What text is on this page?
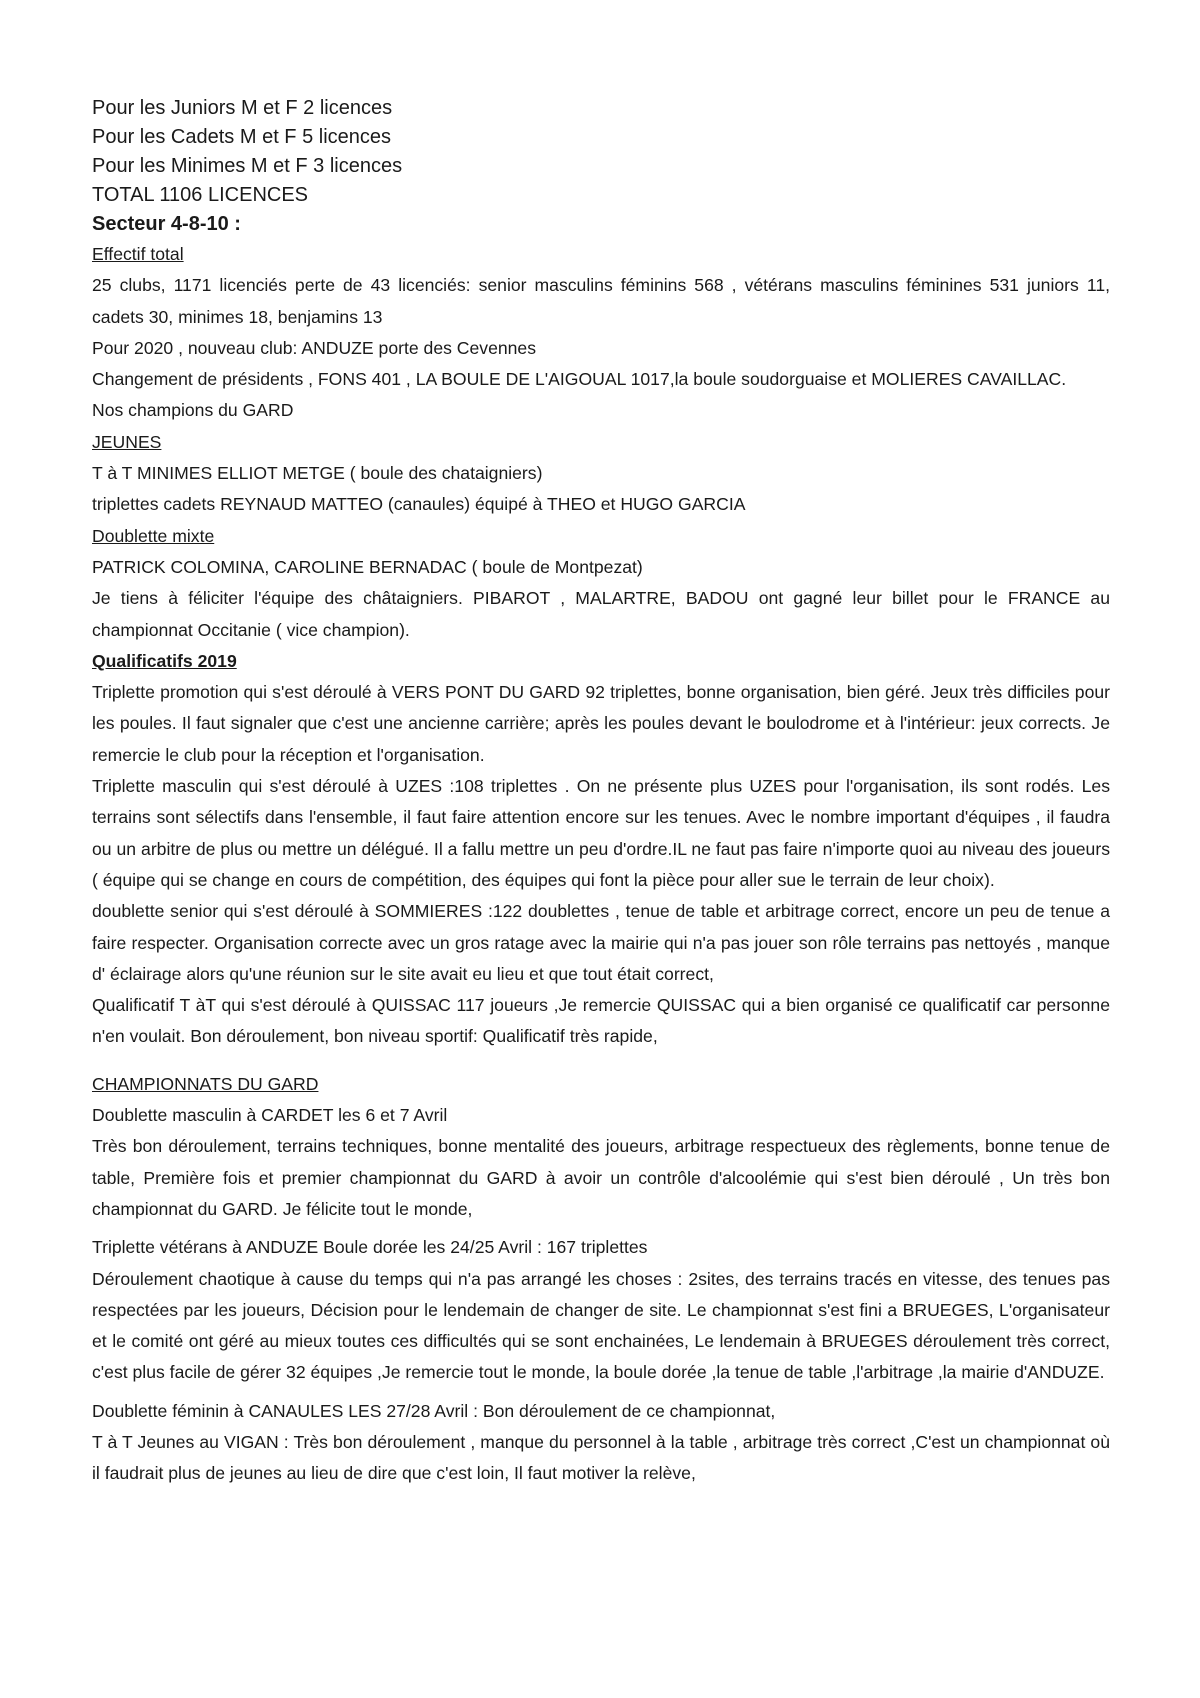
Pour les Juniors M et F 2 licences

Pour les Cadets M et F 5 licences

Pour les Minimes M et F 3 licences

TOTAL 1106 LICENCES

Secteur 4-8-10 :

Effectif total

25 clubs, 1171 licenciés perte de 43 licenciés: senior masculins féminins 568 , vétérans masculins féminines 531 juniors 11, cadets 30, minimes 18, benjamins 13

Pour 2020 , nouveau club: ANDUZE porte des Cevennes

Changement de présidents , FONS 401 , LA BOULE DE L'AIGOUAL 1017,la boule soudorguaise et MOLIERES CAVAILLAC.

Nos champions du GARD

JEUNES

T à T MINIMES ELLIOT METGE ( boule des chataigniers)

triplettes cadets REYNAUD MATTEO (canaules) équipé à THEO et HUGO GARCIA

Doublette mixte

PATRICK COLOMINA, CAROLINE BERNADAC ( boule de Montpezat)

Je tiens à féliciter l'équipe des châtaigniers. PIBAROT , MALARTRE, BADOU ont gagné leur billet pour le FRANCE au championnat Occitanie ( vice champion).

Qualificatifs 2019

Triplette promotion qui s'est déroulé à VERS PONT DU GARD 92 triplettes, bonne organisation, bien géré. Jeux très difficiles pour les poules. Il faut signaler que c'est une ancienne carrière; après les poules devant le boulodrome et à l'intérieur: jeux corrects. Je remercie le club pour la réception et l'organisation.

Triplette masculin qui s'est déroulé à UZES :108 triplettes . On ne présente plus UZES pour l'organisation, ils sont rodés. Les terrains sont sélectifs dans l'ensemble, il faut faire attention encore sur les tenues. Avec le nombre important d'équipes , il faudra ou un arbitre de plus ou mettre un délégué. Il a fallu mettre un peu d'ordre.IL ne faut pas faire n'importe quoi au niveau des joueurs ( équipe qui se change en cours de compétition, des équipes qui font la pièce pour aller sue le terrain de leur choix).

doublette senior qui s'est déroulé à SOMMIERES :122 doublettes , tenue de table et arbitrage correct, encore un peu de tenue a faire respecter. Organisation correcte avec un gros ratage avec la mairie qui n'a pas jouer son rôle terrains pas nettoyés , manque d' éclairage alors qu'une réunion sur le site avait eu lieu et que tout était correct,

Qualificatif T àT qui s'est déroulé à QUISSAC 117 joueurs ,Je remercie QUISSAC qui a bien organisé ce qualificatif car personne n'en voulait. Bon déroulement, bon niveau sportif: Qualificatif très rapide,

CHAMPIONNATS DU GARD

Doublette masculin à CARDET les 6 et 7 Avril

Très bon déroulement, terrains techniques, bonne mentalité des joueurs, arbitrage respectueux des règlements, bonne tenue de table, Première fois et premier championnat du GARD à avoir un contrôle d'alcoolémie qui s'est bien déroulé , Un très bon championnat du GARD. Je félicite tout le monde,

Triplette vétérans à ANDUZE Boule dorée les 24/25 Avril : 167 triplettes

Déroulement chaotique à cause du temps qui n'a pas arrangé les choses : 2sites, des terrains tracés en vitesse, des tenues pas respectées par les joueurs, Décision pour le lendemain de changer de site. Le championnat s'est fini a BRUEGES, L'organisateur et le comité ont géré au mieux toutes ces difficultés qui se sont enchainées, Le lendemain à BRUEGES déroulement très correct, c'est plus facile de gérer 32 équipes ,Je remercie tout le monde, la boule dorée ,la tenue de table ,l'arbitrage ,la mairie d'ANDUZE.

Doublette féminin à CANAULES LES 27/28 Avril : Bon déroulement de ce championnat,

T à T Jeunes au VIGAN : Très bon déroulement , manque du personnel à la table , arbitrage très correct ,C'est un championnat où il faudrait plus de jeunes au lieu de dire que c'est loin, Il faut motiver la relève,
